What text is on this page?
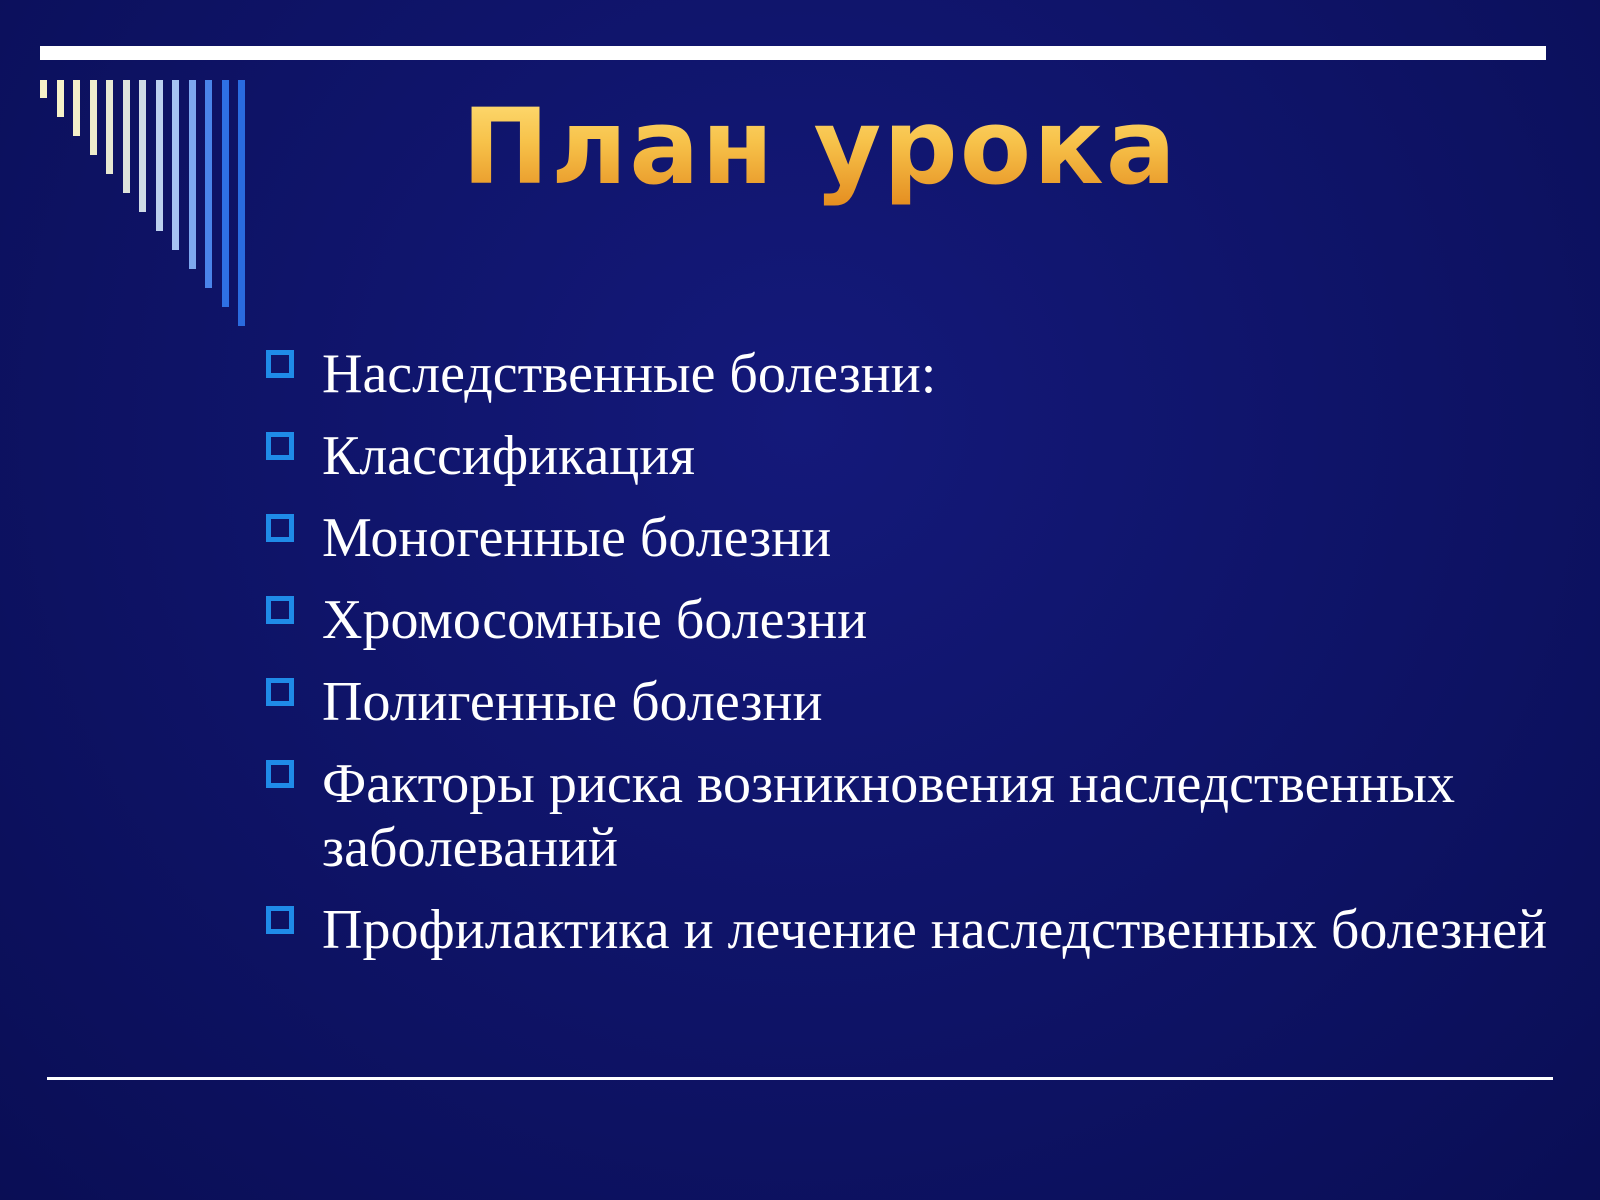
План урока
Наследственные болезни:
Классификация
Моногенные болезни
Хромосомные болезни
Полигенные болезни
Факторы риска возникновения наследственных заболеваний
Профилактика и лечение наследственных болезней
